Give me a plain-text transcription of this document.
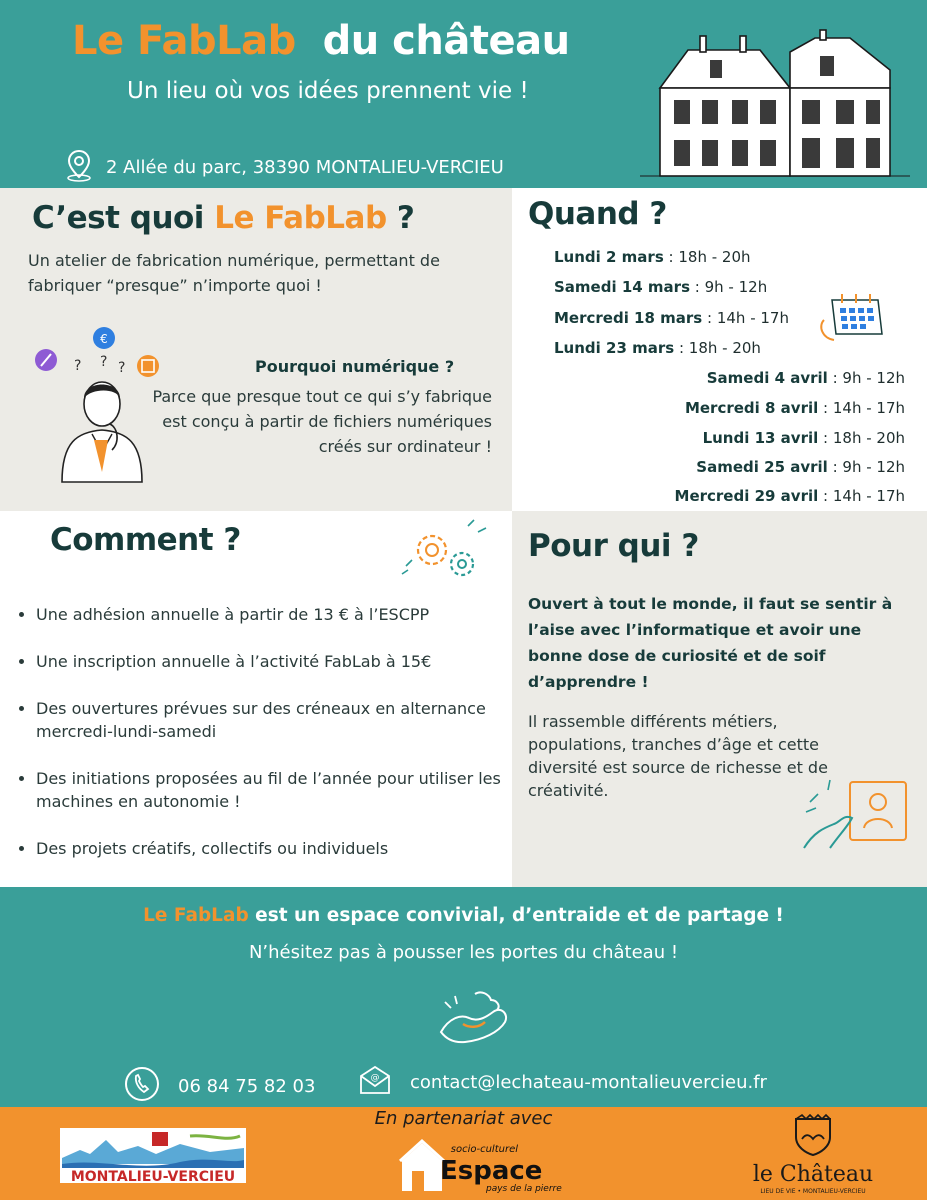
Le FabLab du château
Un lieu où vos idées prennent vie !
2 Allée du parc, 38390 MONTALIEU-VERCIEU
C’est quoi Le FabLab ?
Un atelier de fabrication numérique, permettant de fabriquer “presque” n’importe quoi !
€
? ? ?	Pourquoi numérique ?
Parce que presque tout ce qui s’y fabrique est conçu à partir de fichiers numériques créés sur ordinateur !
Quand ?
Lundi 2 mars : 18h - 20h
Samedi 14 mars : 9h - 12h
Mercredi 18 mars : 14h - 17h
Lundi 23 mars : 18h - 20h
Samedi 4 avril : 9h - 12h
Mercredi 8 avril : 14h - 17h
Lundi 13 avril : 18h - 20h
Samedi 25 avril : 9h - 12h
Mercredi 29 avril : 14h - 17h
Comment ?
• Une adhésion annuelle à partir de 13 € à l’ESCPP
• Une inscription annuelle à l’activité FabLab à 15€
• Des ouvertures prévues sur des créneaux en alternance mercredi-lundi-samedi
• Des initiations proposées au fil de l’année pour utiliser les machines en autonomie !
• Des projets créatifs, collectifs ou individuels
Pour qui ?
Ouvert à tout le monde, il faut se sentir à l’aise avec l’informatique et avoir une bonne dose de curiosité et de soif d’apprendre !
Il rassemble différents métiers, populations, tranches d’âge et cette diversité est source de richesse et de créativité.
Le FabLab est un espace convivial, d’entraide et de partage !
N’hésitez pas à pousser les portes du château !
06 84 75 82 03	@ contact@lechateau-montalieuvercieu.fr
En partenariat avec
MONTALIEU-VERCIEU
socio-culturel
Espace
pays de la pierre
le Château
LIEU DE VIE • MONTALIEU-VERCIEU
